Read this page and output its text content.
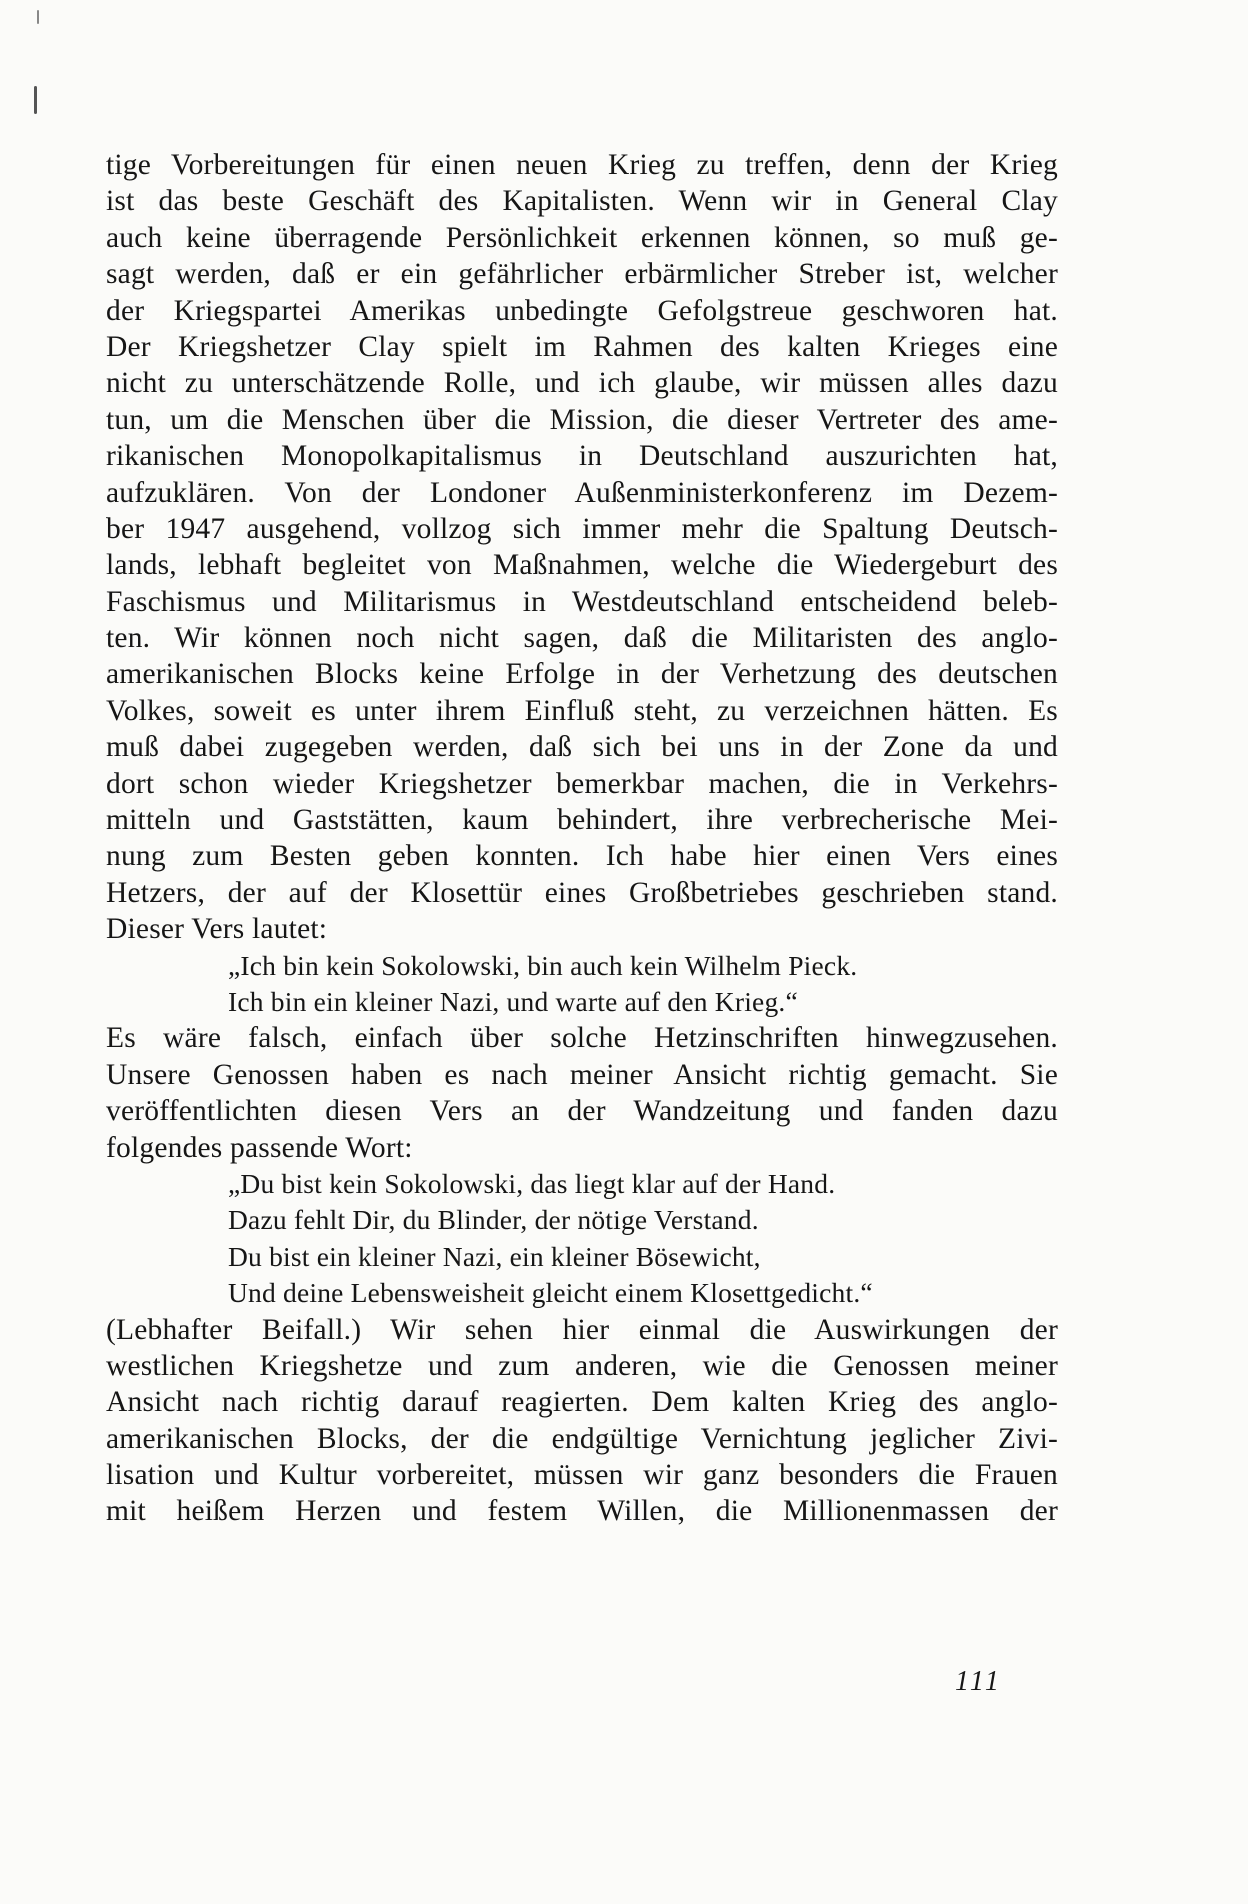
tige Vorbereitungen für einen neuen Krieg zu treffen, denn der Krieg
ist das beste Geschäft des Kapitalisten. Wenn wir in General Clay
auch keine überragende Persönlichkeit erkennen können, so muß ge-
sagt werden, daß er ein gefährlicher erbärmlicher Streber ist, welcher
der Kriegspartei Amerikas unbedingte Gefolgstreue geschworen hat.
Der Kriegshetzer Clay spielt im Rahmen des kalten Krieges eine
nicht zu unterschätzende Rolle, und ich glaube, wir müssen alles dazu
tun, um die Menschen über die Mission, die dieser Vertreter des ame-
rikanischen Monopolkapitalismus in Deutschland auszurichten hat,
aufzuklären. Von der Londoner Außenministerkonferenz im Dezem-
ber 1947 ausgehend, vollzog sich immer mehr die Spaltung Deutsch-
lands, lebhaft begleitet von Maßnahmen, welche die Wiedergeburt des
Faschismus und Militarismus in Westdeutschland entscheidend beleb-
ten. Wir können noch nicht sagen, daß die Militaristen des anglo-
amerikanischen Blocks keine Erfolge in der Verhetzung des deutschen
Volkes, soweit es unter ihrem Einfluß steht, zu verzeichnen hätten. Es
muß dabei zugegeben werden, daß sich bei uns in der Zone da und
dort schon wieder Kriegshetzer bemerkbar machen, die in Verkehrs-
mitteln und Gaststätten, kaum behindert, ihre verbrecherische Mei-
nung zum Besten geben konnten. Ich habe hier einen Vers eines
Hetzers, der auf der Klosettür eines Großbetriebes geschrieben stand.
Dieser Vers lautet:
„Ich bin kein Sokolowski, bin auch kein Wilhelm Pieck.
Ich bin ein kleiner Nazi, und warte auf den Krieg.“
Es wäre falsch, einfach über solche Hetzinschriften hinwegzusehen.
Unsere Genossen haben es nach meiner Ansicht richtig gemacht. Sie
veröffentlichten diesen Vers an der Wandzeitung und fanden dazu
folgendes passende Wort:
„Du bist kein Sokolowski, das liegt klar auf der Hand.
Dazu fehlt Dir, du Blinder, der nötige Verstand.
Du bist ein kleiner Nazi, ein kleiner Bösewicht,
Und deine Lebensweisheit gleicht einem Klosettgedicht.“
(Lebhafter Beifall.) Wir sehen hier einmal die Auswirkungen der
westlichen Kriegshetze und zum anderen, wie die Genossen meiner
Ansicht nach richtig darauf reagierten. Dem kalten Krieg des anglo-
amerikanischen Blocks, der die endgültige Vernichtung jeglicher Zivi-
lisation und Kultur vorbereitet, müssen wir ganz besonders die Frauen
mit heißem Herzen und festem Willen, die Millionenmassen der
111
